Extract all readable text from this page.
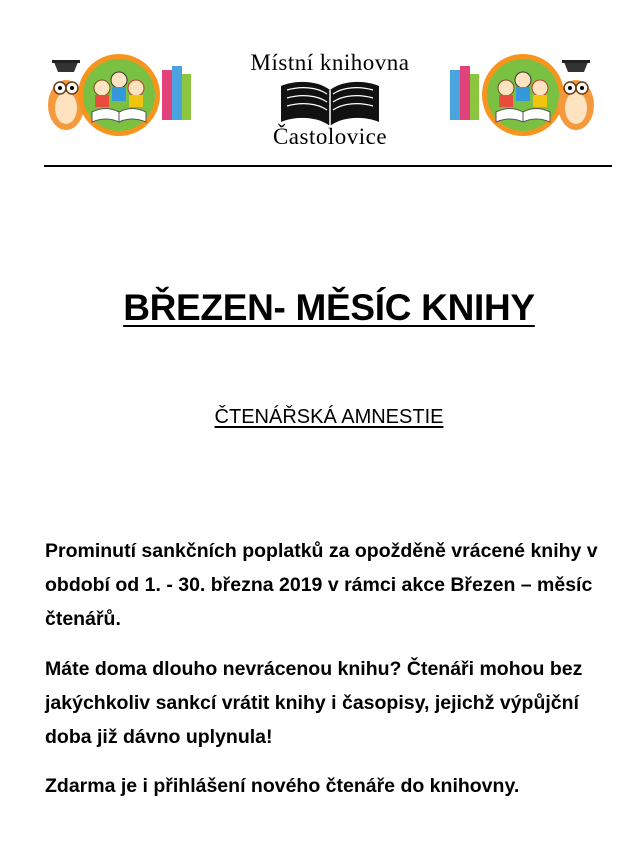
Místní knihovna
Častolovice
BŘEZEN- MĚSÍC KNIHY
ČTENÁŘSKÁ AMNESTIE
Prominutí sankčních poplatků za opožděně vrácené knihy v období od 1. - 30. března 2019 v rámci akce Březen – měsíc čtenářů.
Máte doma dlouho nevrácenou knihu? Čtenáři mohou bez jakýchkoliv sankcí vrátit knihy i časopisy, jejichž výpůjční doba již dávno uplynula!
Zdarma je i přihlášení nového čtenáře do knihovny.
